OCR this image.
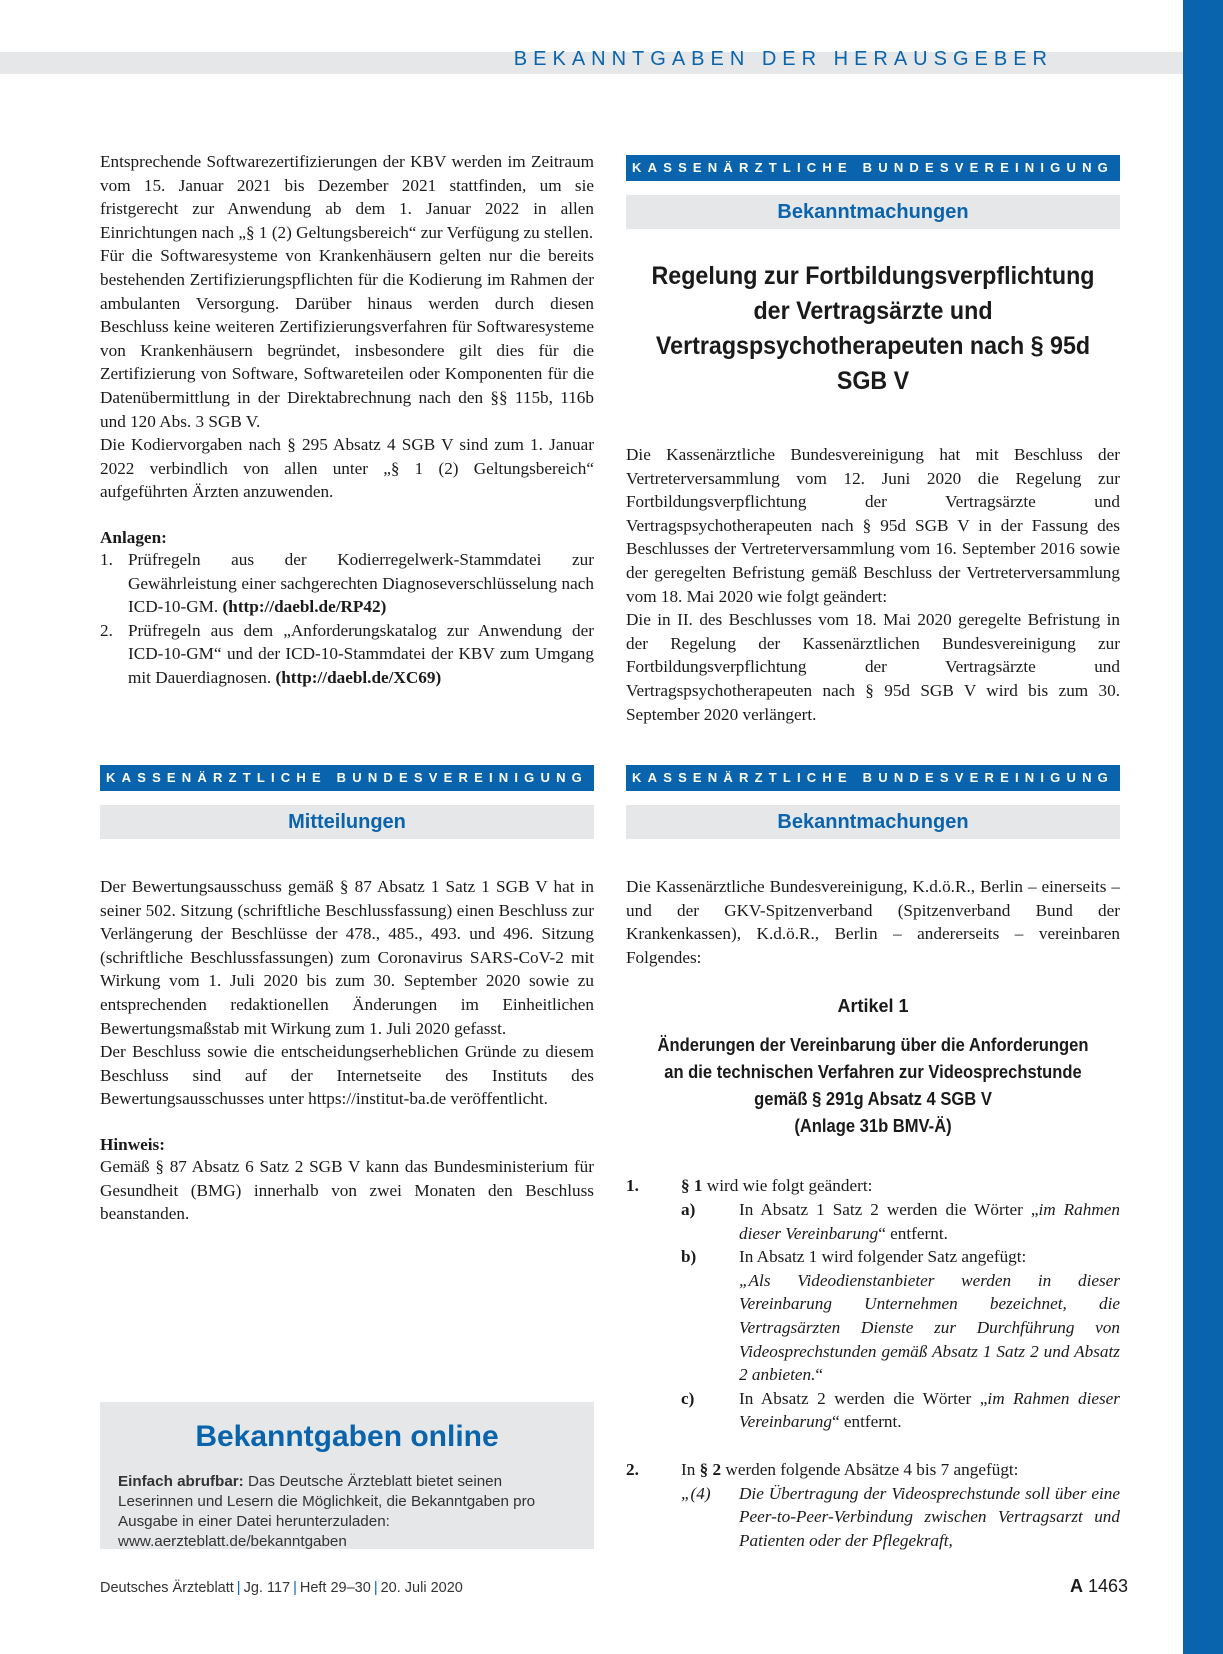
BEKANNTGABEN DER HERAUSGEBER

Entsprechende Softwarezertifizierungen der KBV werden im Zeitraum vom 15. Januar 2021 bis Dezember 2021 stattfinden, um sie fristgerecht zur Anwendung ab dem 1. Januar 2022 in allen Einrichtungen nach „§ 1 (2) Geltungsbereich“ zur Verfügung zu stellen.

Für die Softwaresysteme von Krankenhäusern gelten nur die bereits bestehenden Zertifizierungspflichten für die Kodierung im Rahmen der ambulanten Versorgung. Darüber hinaus werden durch diesen Beschluss keine weiteren Zertifizierungsverfahren für Softwaresysteme von Krankenhäusern begründet, insbesondere gilt dies für die Zertifizierung von Software, Softwareteilen oder Komponenten für die Datenübermittlung in der Direktabrechnung nach den §§ 115b, 116b und 120 Abs. 3 SGB V.

Die Kodiervorgaben nach § 295 Absatz 4 SGB V sind zum 1. Januar 2022 verbindlich von allen unter „§ 1 (2) Geltungsbereich“ aufgeführten Ärzten anzuwenden.

Anlagen:
1. Prüfregeln aus der Kodierregelwerk-Stammdatei zur Gewährleistung einer sachgerechten Diagnoseverschlüsselung nach ICD-10-GM. (http://daebl.de/RP42)
2. Prüfregeln aus dem „Anforderungskatalog zur Anwendung der ICD-10-GM“ und der ICD-10-Stammdatei der KBV zum Umgang mit Dauerdiagnosen. (http://daebl.de/XC69)
KASSENÄRZTLICHE BUNDESVEREINIGUNG
Bekanntmachungen
Regelung zur Fortbildungsverpflichtung
der Vertragsärzte und
Vertragspsychotherapeuten nach § 95d SGB V

Die Kassenärztliche Bundesvereinigung hat mit Beschluss der Vertreterversammlung vom 12. Juni 2020 die Regelung zur Fortbildungsverpflichtung der Vertragsärzte und Vertragspsychotherapeuten nach § 95d SGB V in der Fassung des Beschlusses der Vertreterversammlung vom 16. September 2016 sowie der geregelten Befristung gemäß Beschluss der Vertreterversammlung vom 18. Mai 2020 wie folgt geändert:

Die in II. des Beschlusses vom 18. Mai 2020 geregelte Befristung in der Regelung der Kassenärztlichen Bundesvereinigung zur Fortbildungsverpflichtung der Vertragsärzte und Vertragspsychotherapeuten nach § 95d SGB V wird bis zum 30. September 2020 verlängert.

KASSENÄRZTLICHE BUNDESVEREINIGUNG
Mitteilungen

Der Bewertungsausschuss gemäß § 87 Absatz 1 Satz 1 SGB V hat in seiner 502. Sitzung (schriftliche Beschlussfassung) einen Beschluss zur Verlängerung der Beschlüsse der 478., 485., 493. und 496. Sitzung (schriftliche Beschlussfassungen) zum Coronavirus SARS-CoV-2 mit Wirkung vom 1. Juli 2020 bis zum 30. September 2020 sowie zu entsprechenden redaktionellen Änderungen im Einheitlichen Bewertungsmaßstab mit Wirkung zum 1. Juli 2020 gefasst.

Der Beschluss sowie die entscheidungserheblichen Gründe zu diesem Beschluss sind auf der Internetseite des Instituts des Bewertungsausschusses unter https://institut-ba.de veröffentlicht.

Hinweis:

Gemäß § 87 Absatz 6 Satz 2 SGB V kann das Bundesministerium für Gesundheit (BMG) innerhalb von zwei Monaten den Beschluss beanstanden.

Bekanntgaben online
Einfach abrufbar: Das Deutsche Ärzteblatt bietet seinen Leserinnen und Lesern die Möglichkeit, die Bekanntgaben pro Ausgabe in einer Datei herunterzuladen: www.aerzteblatt.de/bekanntgaben
KASSENÄRZTLICHE BUNDESVEREINIGUNG
Bekanntmachungen

Die Kassenärztliche Bundesvereinigung, K.d.ö.R., Berlin – einerseits – und der GKV-Spitzenverband (Spitzenverband Bund der Krankenkassen), K.d.ö.R., Berlin – andererseits – vereinbaren Folgendes:

Artikel 1
Änderungen der Vereinbarung über die Anforderungen
an die technischen Verfahren zur Videosprechstunde
gemäß § 291g Absatz 4 SGB V
(Anlage 31b BMV-Ä)
1. § 1 wird wie folgt geändert:
a)	In Absatz 1 Satz 2 werden die Wörter „im Rahmen dieser Vereinbarung“ entfernt.
b) In Absatz 1 wird folgender Satz angefügt:
„Als Videodienstanbieter werden in dieser Vereinbarung Unternehmen bezeichnet, die Vertragsärzten Dienste zur Durchführung von Videosprechstunden gemäß Absatz 1 Satz 2 und Absatz 2 anbieten.“
c)	In Absatz 2 werden die Wörter „im Rahmen dieser Vereinbarung“ entfernt.
2. In § 2 werden folgende Absätze 4 bis 7 angefügt:
„(4) Die Übertragung der Videosprechstunde soll über eine Peer-to-Peer-Verbindung zwischen Vertragsarzt und Patienten oder der Pflegekraft,
Deutsches Ärzteblatt | Jg. 117 | Heft 29–30 | 20. Juli 2020	A 1463
